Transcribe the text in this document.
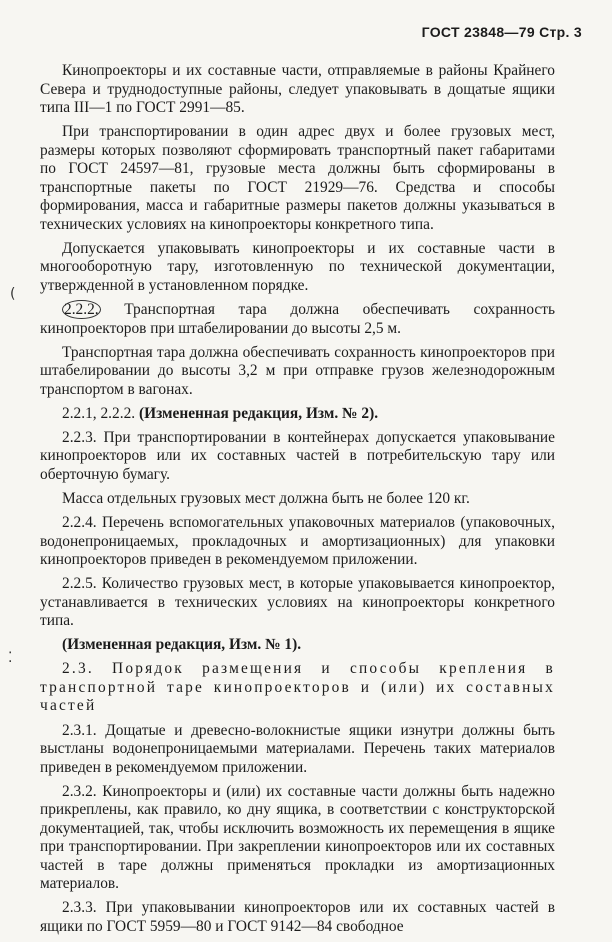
ГОСТ 23848—79 Стр. 3
(
⁚

Кинопроекторы и их составные части, отправляемые в районы Крайнего Севера и труднодоступные районы, следует упаковывать в дощатые ящики типа III—1 по ГОСТ 2991—85.

При транспортировании в один адрес двух и более грузовых мест, размеры которых позволяют сформировать транспортный пакет габаритами по ГОСТ 24597—81, грузовые места должны быть сформированы в транспортные пакеты по ГОСТ 21929—76. Средства и способы формирования, масса и габаритные размеры пакетов должны указываться в технических условиях на кинопроекторы конкретного типа.

Допускается упаковывать кинопроекторы и их составные части в многооборотную тару, изготовленную по технической документации, утвержденной в установленном порядке.

2.2.2. Транспортная тара должна обеспечивать сохранность кинопроекторов при штабелировании до высоты 2,5 м.

Транспортная тара должна обеспечивать сохранность кинопроекторов при штабелировании до высоты 3,2 м при отправке грузов железнодорожным транспортом в вагонах.

2.2.1, 2.2.2. (Измененная редакция, Изм. № 2).

2.2.3. При транспортировании в контейнерах допускается упаковывание кинопроекторов или их составных частей в потребительскую тару или оберточную бумагу.

Масса отдельных грузовых мест должна быть не более 120 кг.

2.2.4. Перечень вспомогательных упаковочных материалов (упаковочных, водонепроницаемых, прокладочных и амортизационных) для упаковки кинопроекторов приведен в рекомендуемом приложении.

2.2.5. Количество грузовых мест, в которые упаковывается кинопроектор, устанавливается в технических условиях на кинопроекторы конкретного типа.

(Измененная редакция, Изм. № 1).

2.3. Порядок размещения и способы крепления в транспортной таре кинопроекторов и (или) их составных частей

2.3.1. Дощатые и древесно-волокнистые ящики изнутри должны быть выстланы водонепроницаемыми материалами. Перечень таких материалов приведен в рекомендуемом приложении.

2.3.2. Кинопроекторы и (или) их составные части должны быть надежно прикреплены, как правило, ко дну ящика, в соответствии с конструкторской документацией, так, чтобы исключить возможность их перемещения в ящике при транспортировании. При закреплении кинопроекторов или их составных частей в таре должны применяться прокладки из амортизационных материалов.

2.3.3. При упаковывании кинопроекторов или их составных частей в ящики по ГОСТ 5959—80 и ГОСТ 9142—84 свободное
